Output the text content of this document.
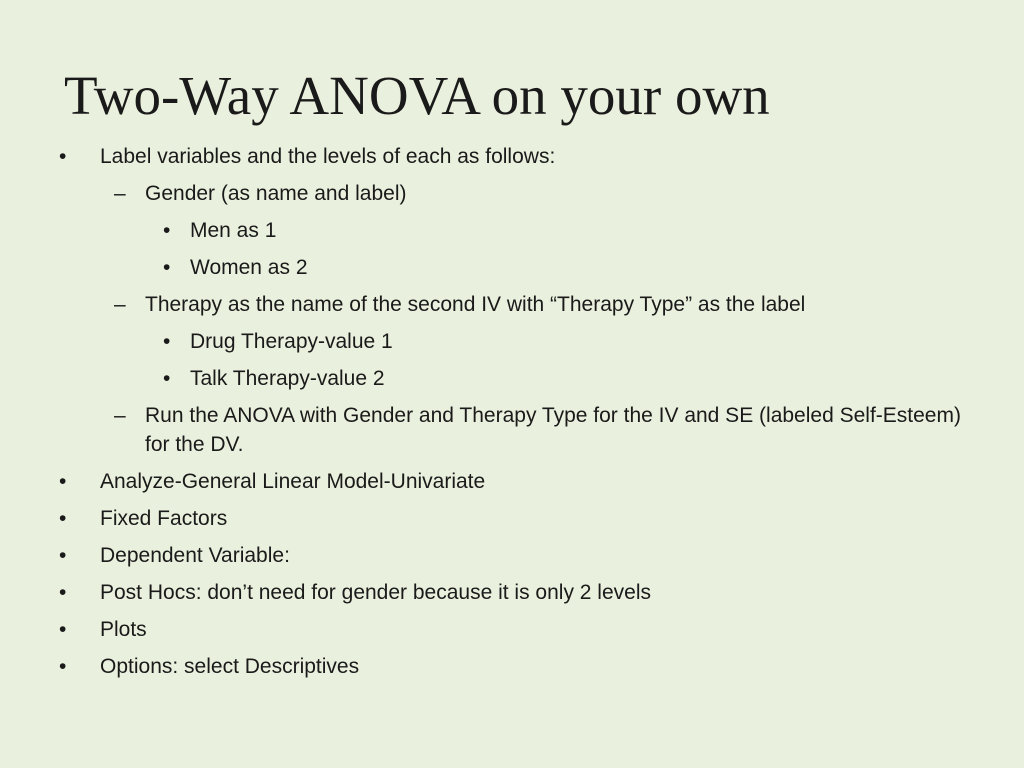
Two-Way ANOVA on your own
• Label variables and the levels of each as follows:
– Gender (as name and label)
• Men as 1
• Women as 2
– Therapy as the name of the second IV with “Therapy Type” as the label
• Drug Therapy-value 1
• Talk Therapy-value 2
– Run the ANOVA with Gender and Therapy Type for the IV and SE (labeled Self-Esteem) for the DV.
• Analyze-General Linear Model-Univariate
• Fixed Factors
• Dependent Variable:
• Post Hocs: don’t need for gender because it is only 2 levels
• Plots
• Options: select Descriptives
